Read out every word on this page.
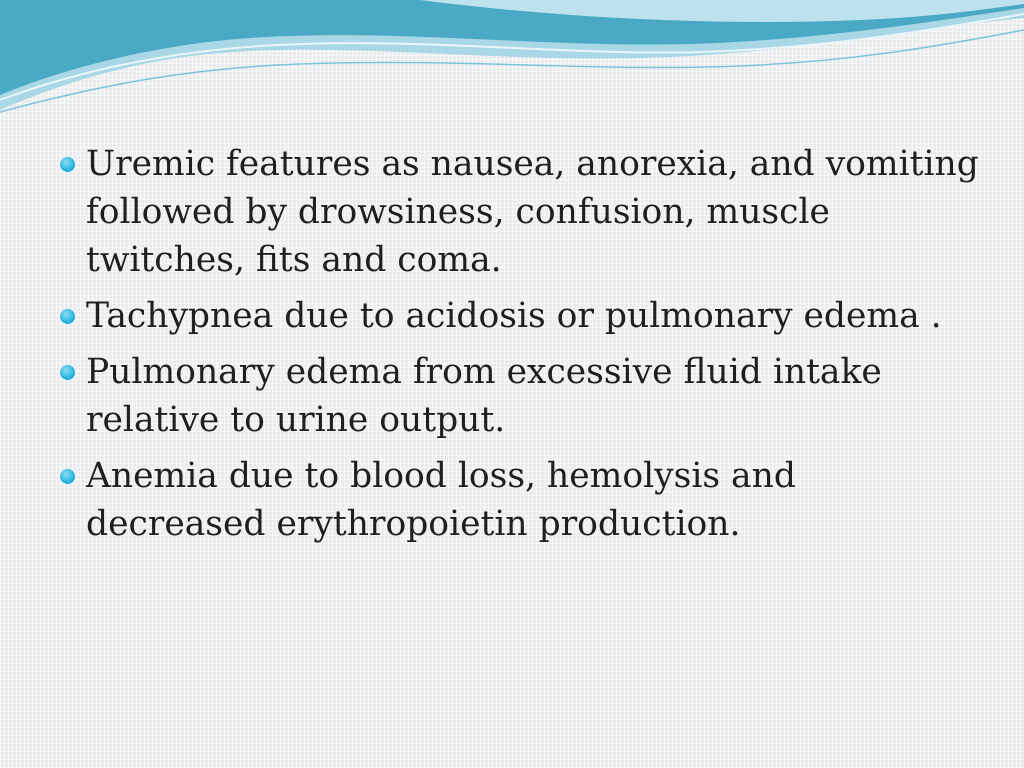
Uremic features as nausea, anorexia, and vomiting followed by drowsiness, confusion, muscle twitches, fits and coma.
Tachypnea due to acidosis or pulmonary edema .
Pulmonary edema from excessive fluid intake relative to urine output.
Anemia due to blood loss, hemolysis and decreased erythropoietin production.
